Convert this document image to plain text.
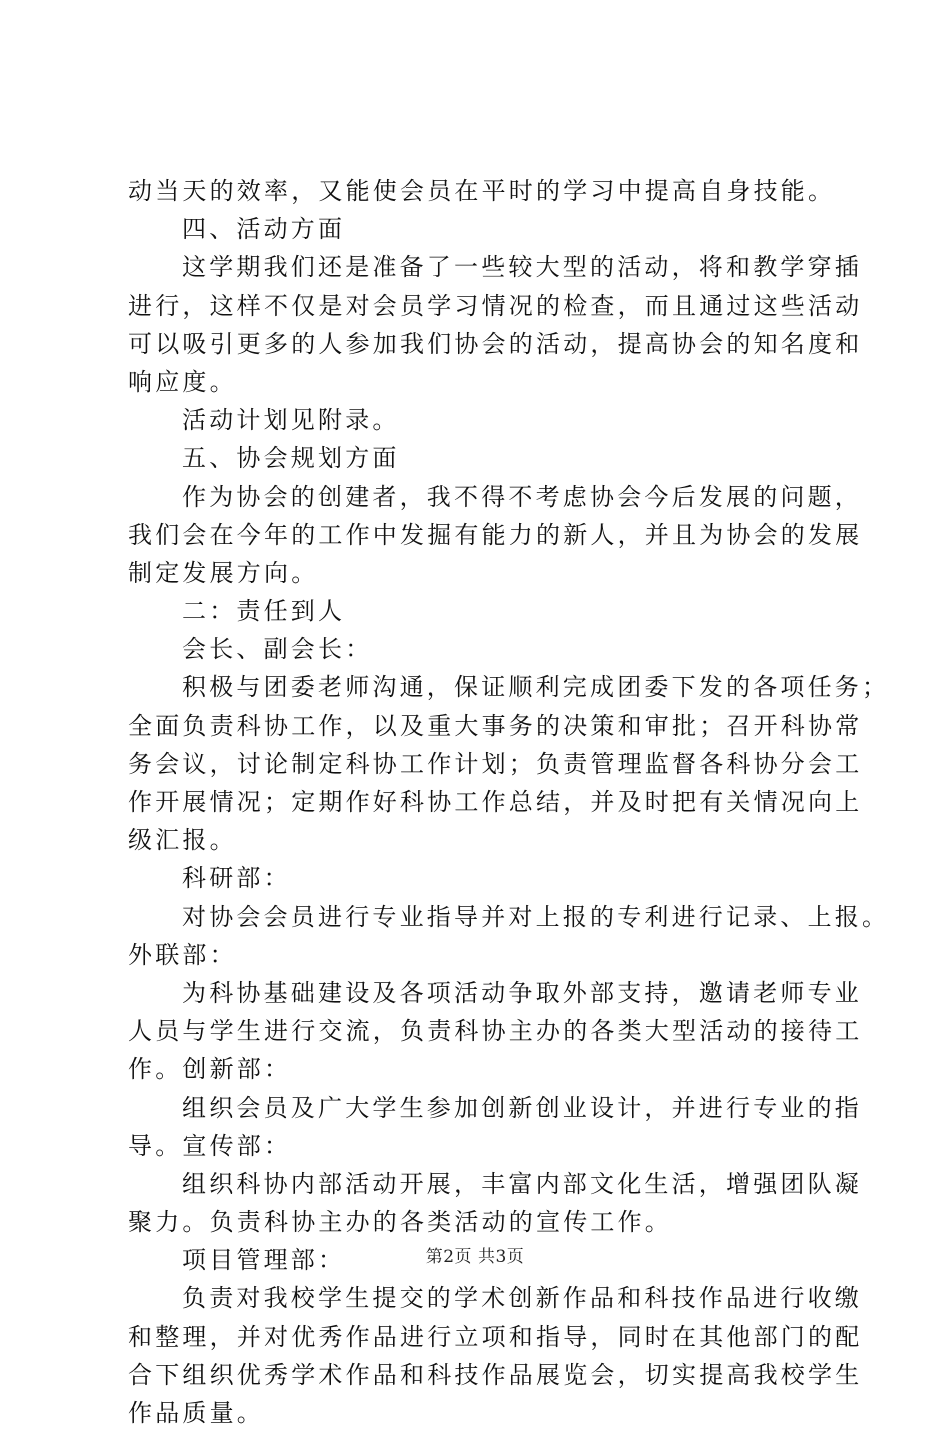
动当天的效率，又能使会员在平时的学习中提高自身技能。
四、活动方面
这学期我们还是准备了一些较大型的活动，将和教学穿插
进行，这样不仅是对会员学习情况的检查，而且通过这些活动
可以吸引更多的人参加我们协会的活动，提高协会的知名度和
响应度。
活动计划见附录。
五、协会规划方面
作为协会的创建者，我不得不考虑协会今后发展的问题，
我们会在今年的工作中发掘有能力的新人，并且为协会的发展
制定发展方向。
二：责任到人
会长、副会长：
积极与团委老师沟通，保证顺利完成团委下发的各项任务；
全面负责科协工作，以及重大事务的决策和审批；召开科协常
务会议，讨论制定科协工作计划；负责管理监督各科协分会工
作开展情况；定期作好科协工作总结，并及时把有关情况向上
级汇报。
科研部：
对协会会员进行专业指导并对上报的专利进行记录、上报。
外联部：
为科协基础建设及各项活动争取外部支持，邀请老师专业
人员与学生进行交流，负责科协主办的各类大型活动的接待工
作。创新部：
组织会员及广大学生参加创新创业设计，并进行专业的指
导。宣传部：
组织科协内部活动开展，丰富内部文化生活，增强团队凝
聚力。负责科协主办的各类活动的宣传工作。
项目管理部：
负责对我校学生提交的学术创新作品和科技作品进行收缴
和整理，并对优秀作品进行立项和指导，同时在其他部门的配
合下组织优秀学术作品和科技作品展览会，切实提高我校学生
作品质量。
第2页 共3页
